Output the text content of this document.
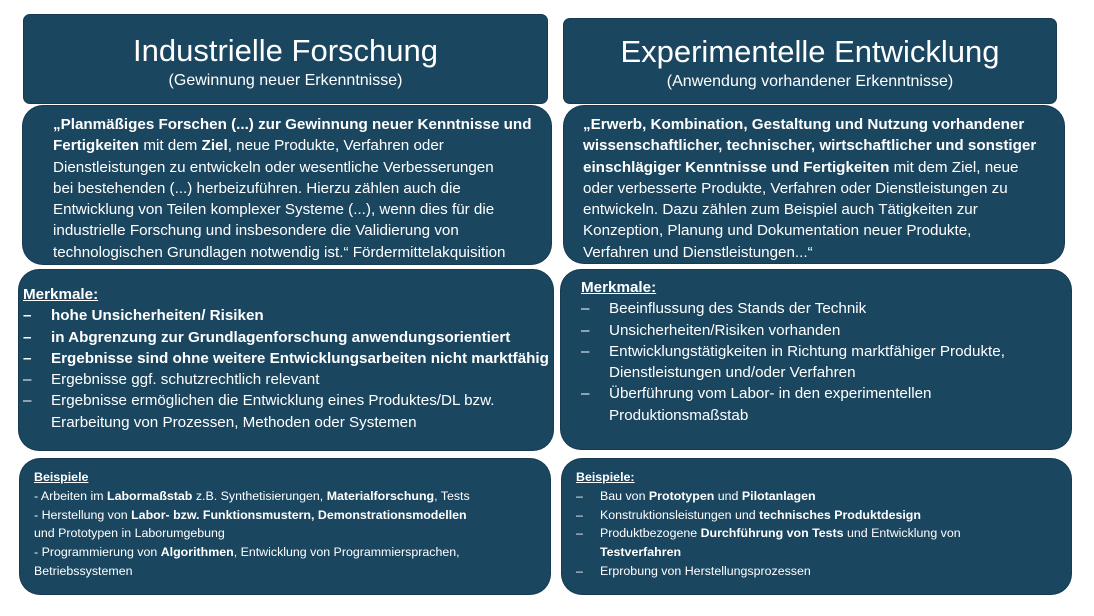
Industrielle Forschung
(Gewinnung neuer Erkenntnisse)
„Planmäßiges Forschen (...) zur Gewinnung neuer Kenntnisse und
Fertigkeiten mit dem Ziel, neue Produkte, Verfahren oder
Dienstleistungen zu entwickeln oder wesentliche Verbesserungen
bei bestehenden (...) herbeizuführen. Hierzu zählen auch die
Entwicklung von Teilen komplexer Systeme (...), wenn dies für die
industrielle Forschung und insbesondere die Validierung von
technologischen Grundlagen notwendig ist.“ Fördermittelakquisition
Merkmale:
– hohe Unsicherheiten/ Risiken
– in Abgrenzung zur Grundlagenforschung anwendungsorientiert
– Ergebnisse sind ohne weitere Entwicklungsarbeiten nicht marktfähig
– Ergebnisse ggf. schutzrechtlich relevant
– Ergebnisse ermöglichen die Entwicklung eines Produktes/DL bzw.
Erarbeitung von Prozessen, Methoden oder Systemen
Beispiele
- Arbeiten im Labormaßstab z.B. Synthetisierungen, Materialforschung, Tests
- Herstellung von Labor- bzw. Funktionsmustern, Demonstrationsmodellen
und Prototypen in Laborumgebung
- Programmierung von Algorithmen, Entwicklung von Programmiersprachen,
Betriebssystemen
Experimentelle Entwicklung
(Anwendung vorhandener Erkenntnisse)
„Erwerb, Kombination, Gestaltung und Nutzung vorhandener
wissenschaftlicher, technischer, wirtschaftlicher und sonstiger
einschlägiger Kenntnisse und Fertigkeiten mit dem Ziel, neue
oder verbesserte Produkte, Verfahren oder Dienstleistungen zu
entwickeln. Dazu zählen zum Beispiel auch Tätigkeiten zur
Konzeption, Planung und Dokumentation neuer Produkte,
Verfahren und Dienstleistungen...“
Merkmale:
– Beeinflussung des Stands der Technik
– Unsicherheiten/Risiken vorhanden
– Entwicklungstätigkeiten in Richtung marktfähiger Produkte,
Dienstleistungen und/oder Verfahren
– Überführung vom Labor- in den experimentellen
Produktionsmaßstab
Beispiele:
– Bau von Prototypen und Pilotanlagen
– Konstruktionsleistungen und technisches Produktdesign
– Produktbezogene Durchführung von Tests und Entwicklung von
Testverfahren
– Erprobung von Herstellungsprozessen
